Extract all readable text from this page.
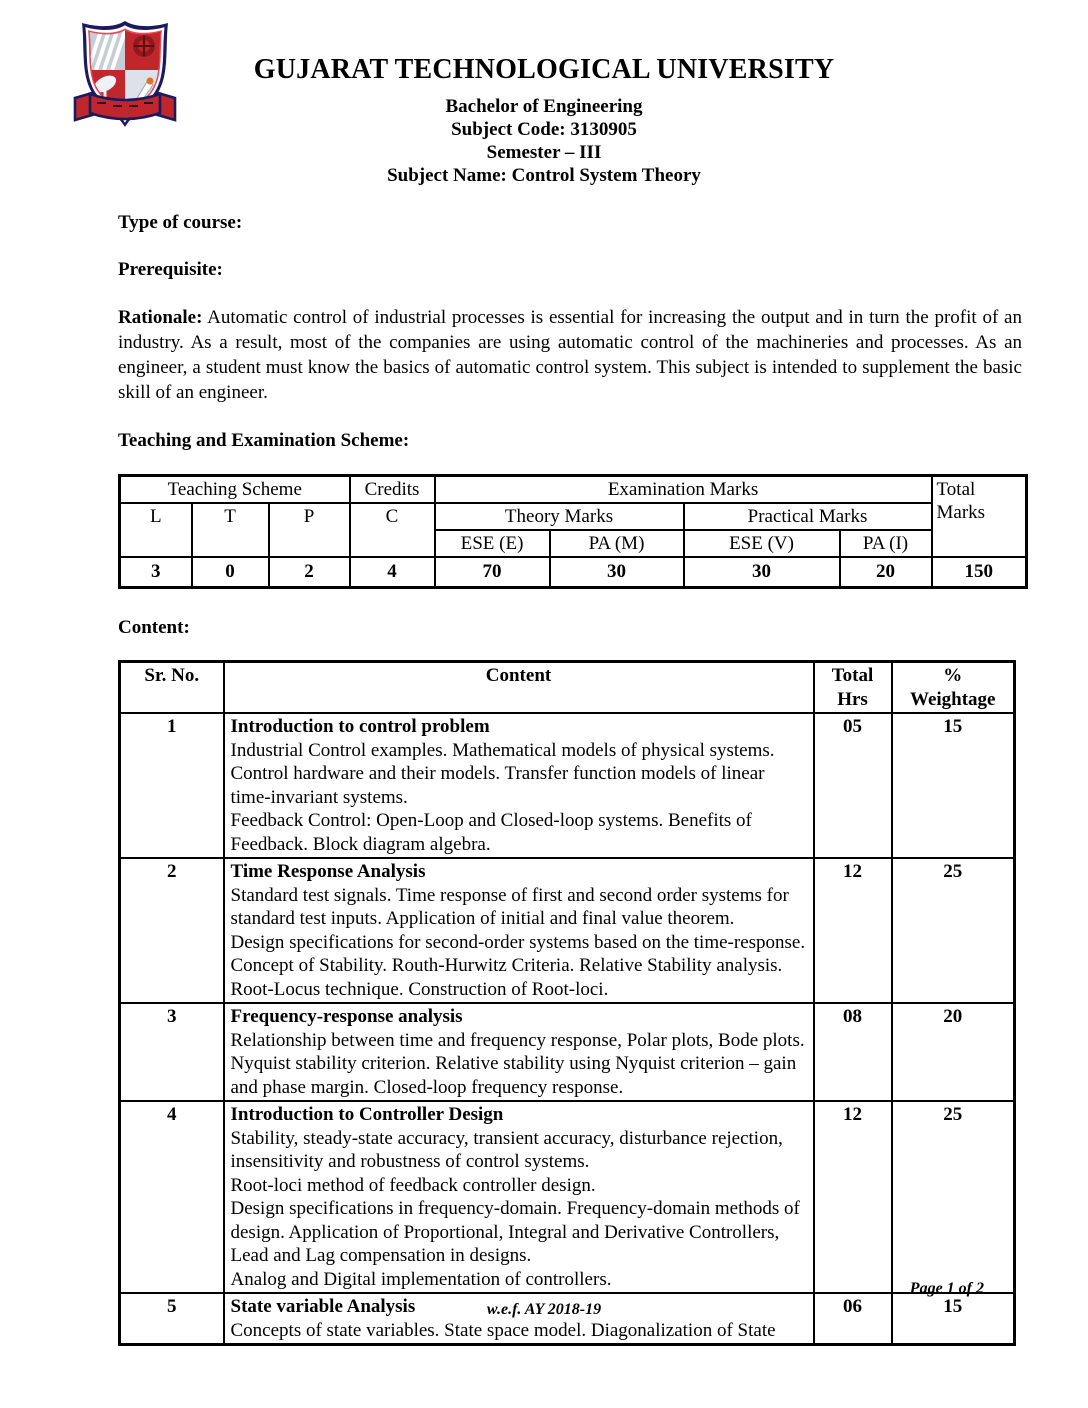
GUJARAT TECHNOLOGICAL UNIVERSITY
Bachelor of Engineering
Subject Code: 3130905
Semester – III
Subject Name: Control System Theory

Type of course:

Prerequisite:

Rationale: Automatic control of industrial processes is essential for increasing the output and in turn the profit of an industry. As a result, most of the companies are using automatic control of the machineries and processes. As an engineer, a student must know the basics of automatic control system. This subject is intended to supplement the basic skill of an engineer.

Teaching and Examination Scheme:

Teaching Scheme			Credits	Examination Marks				Total Marks
L	T	P	C	Theory Marks		Practical Marks		
				ESE (E)	PA (M)	ESE (V)	PA (I)	
3	0	2	4	70	30	30	20	150

Content:

Sr. No.	Content	Total Hrs	% Weightage
1	Introduction to control problem
Industrial Control examples. Mathematical models of physical systems. Control hardware and their models. Transfer function models of linear time-invariant systems.
Feedback Control: Open-Loop and Closed-loop systems. Benefits of Feedback. Block diagram algebra.	05	15
2	Time Response Analysis
Standard test signals. Time response of first and second order systems for standard test inputs. Application of initial and final value theorem.
Design specifications for second-order systems based on the time-response.
Concept of Stability. Routh-Hurwitz Criteria. Relative Stability analysis.
Root-Locus technique. Construction of Root-loci.	12	25
3	Frequency-response analysis
Relationship between time and frequency response, Polar plots, Bode plots. Nyquist stability criterion. Relative stability using Nyquist criterion – gain and phase margin. Closed-loop frequency response.	08	20
4	Introduction to Controller Design
Stability, steady-state accuracy, transient accuracy, disturbance rejection, insensitivity and robustness of control systems.
Root-loci method of feedback controller design.
Design specifications in frequency-domain. Frequency-domain methods of design. Application of Proportional, Integral and Derivative Controllers, Lead and Lag compensation in designs.
Analog and Digital implementation of controllers.	12	25
5	State variable Analysis
Concepts of state variables. State space model. Diagonalization of State	06	15
Page 1 of 2
w.e.f. AY 2018-19
